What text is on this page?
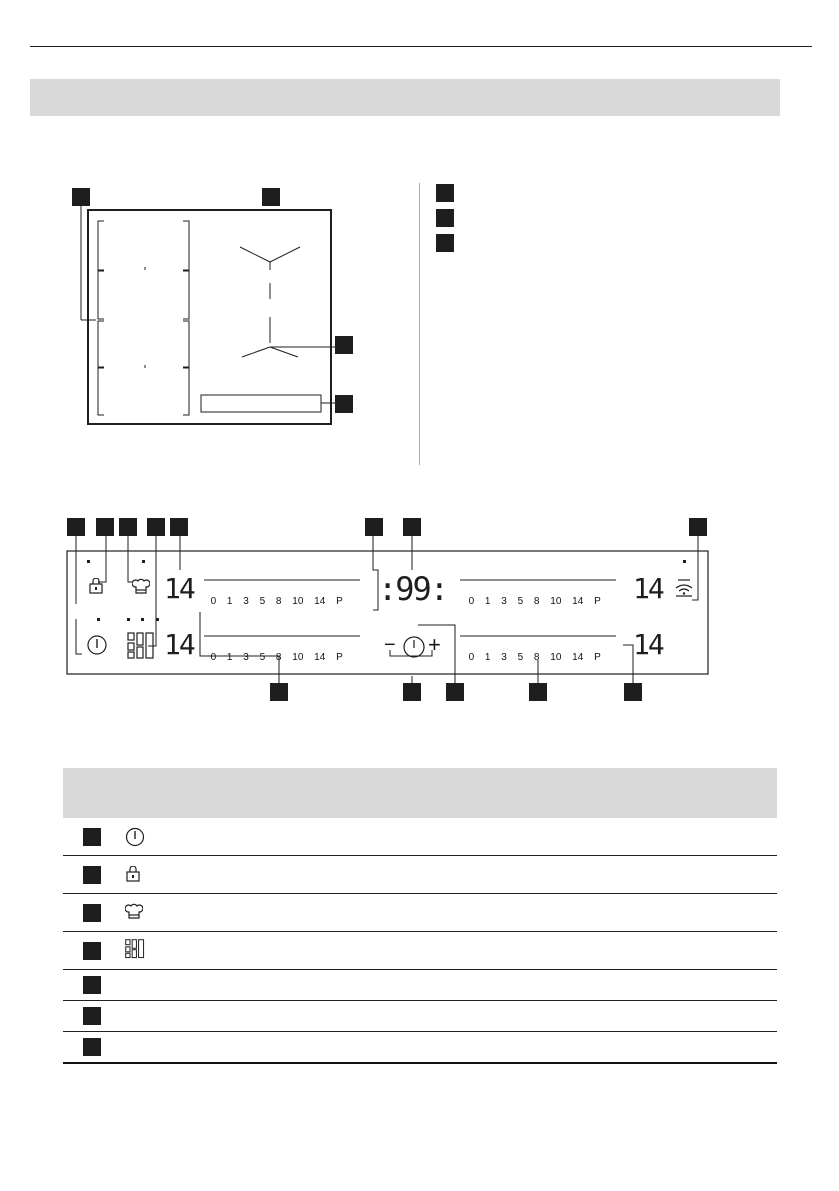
14
14
:99:	14
14
− +

0 1 3 5 8 10 14 P

0 1 3 5 8 10 14 P

0 1 3 5 8 10 14 P

0 1 3 5 8 10 14 P
